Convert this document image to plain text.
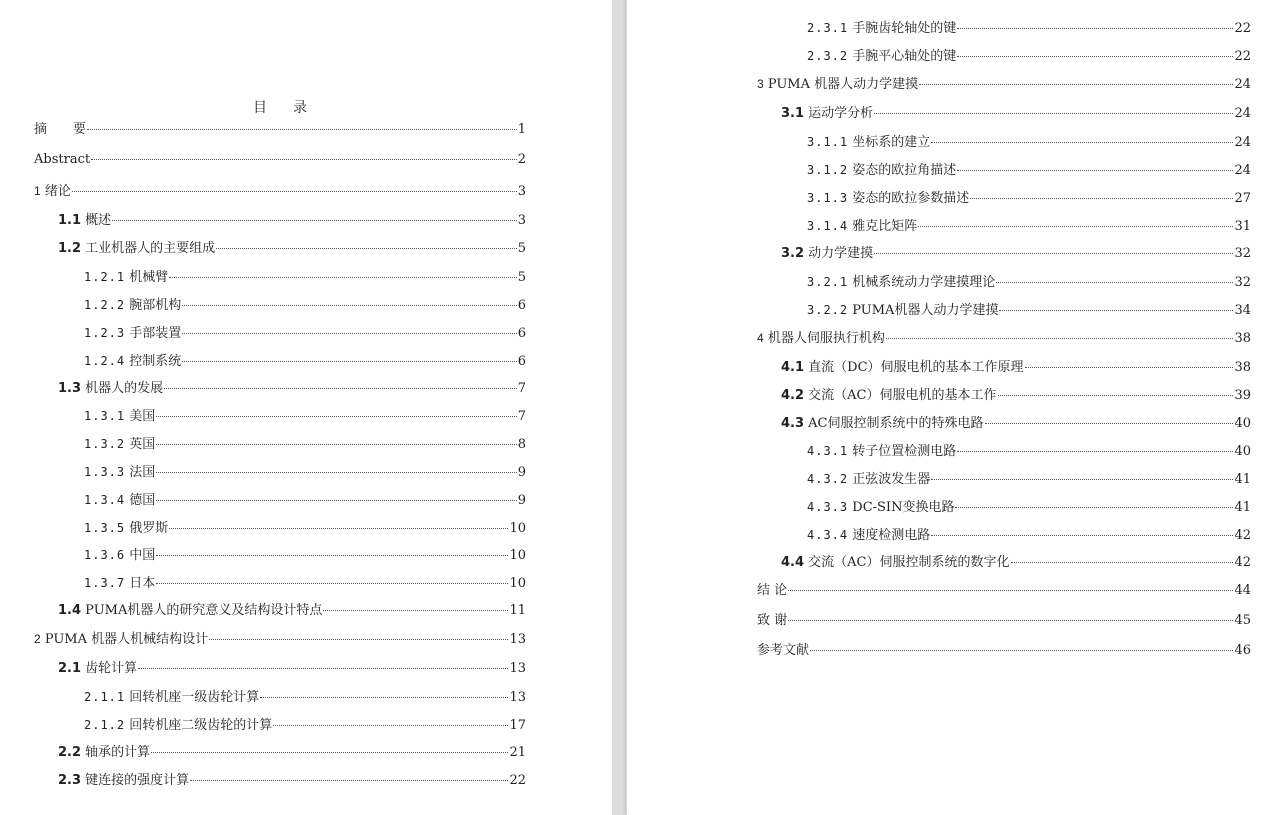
目录
摘　　要	1
Abstract	2
1 绪论	3
1.1 概述	3
1.2 工业机器人的主要组成	5
1.2.1 机械臂	5
1.2.2 腕部机构	6
1.2.3 手部装置	6
1.2.4 控制系统	6
1.3 机器人的发展	7
1.3.1 美国	7
1.3.2 英国	8
1.3.3 法国	9
1.3.4 德国	9
1.3.5 俄罗斯	10
1.3.6 中国	10
1.3.7 日本	10
1.4 PUMA机器人的研究意义及结构设计特点	11
2 PUMA 机器人机械结构设计	13
2.1 齿轮计算	13
2.1.1 回转机座一级齿轮计算	13
2.1.2 回转机座二级齿轮的计算	17
2.2 轴承的计算	21
2.3 键连接的强度计算	22
2.3.1 手腕齿轮轴处的键	22
2.3.2 手腕平心轴处的键	22
3 PUMA 机器人动力学建摸	24
3.1 运动学分析	24
3.1.1 坐标系的建立	24
3.1.2 姿态的欧拉角描述	24
3.1.3 姿态的欧拉参数描述	27
3.1.4 雅克比矩阵	31
3.2 动力学建摸	32
3.2.1 机械系统动力学建摸理论	32
3.2.2 PUMA机器人动力学建摸	34
4 机器人伺服执行机构	38
4.1 直流（DC）伺服电机的基本工作原理	38
4.2 交流（AC）伺服电机的基本工作	39
4.3 AC伺服控制系统中的特殊电路	40
4.3.1 转子位置检测电路	40
4.3.2 正弦波发生器	41
4.3.3 DC-SIN变换电路	41
4.3.4 速度检测电路	42
4.4 交流（AC）伺服控制系统的数字化	42
结 论	44
致 谢	45
参考文献	46
